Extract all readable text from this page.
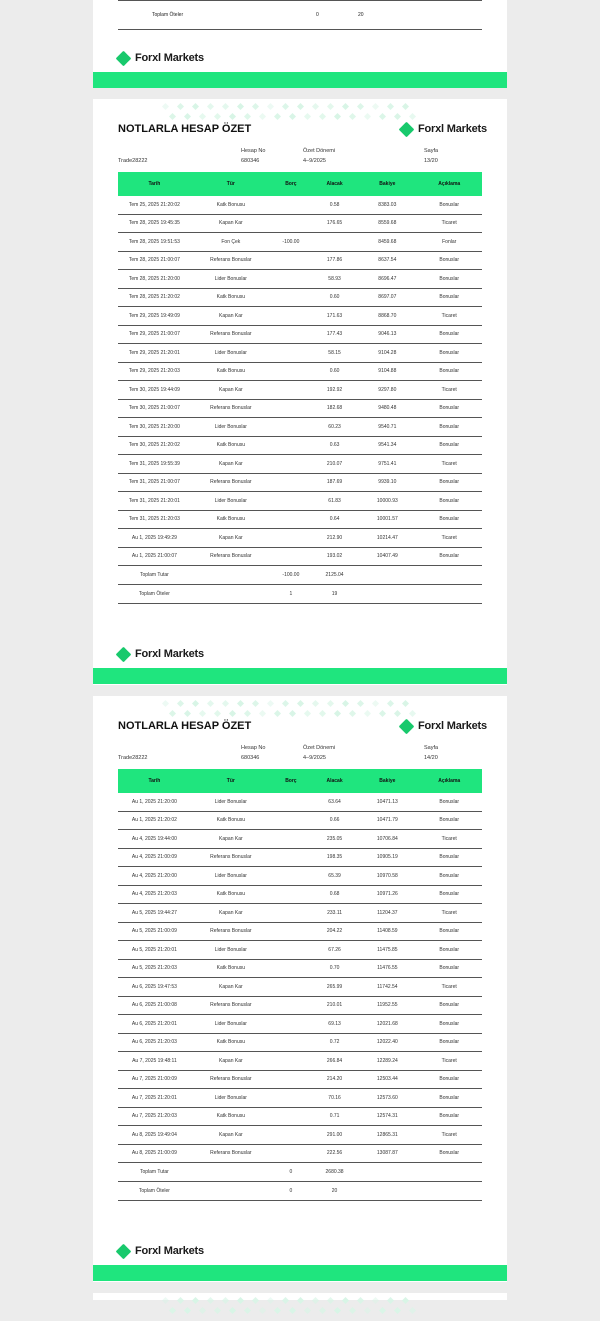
Toplam Öteler	0	20
Forxl Markets
NOTLARLA HESAP ÖZET	Forxl Markets
Hesap No
680346
Özet Dönemi
4–9/2025
Sayfa
13/20
Trade28222
Tarih	Tür	Borç	Alacak	Bakiye	Açıklama
Tem 25, 2025 21:20:02	Katk Bonusu		0.58	8383.03	Bonuslar
Tem 28, 2025 19:45:35	Kapan Kar		176.65	8559.68	Ticaret
Tem 28, 2025 19:51:53	Fon Çek	-100.00		8459.68	Fonlar
Tem 28, 2025 21:00:07	Referans Bonuslar		177.86	8637.54	Bonuslar
Tem 28, 2025 21:20:00	Lider Bonuslar		58.93	8696.47	Bonuslar
Tem 28, 2025 21:20:02	Katk Bonusu		0.60	8697.07	Bonuslar
Tem 29, 2025 19:49:09	Kapan Kar		171.63	8868.70	Ticaret
Tem 29, 2025 21:00:07	Referans Bonuslar		177.43	9046.13	Bonuslar
Tem 29, 2025 21:20:01	Lider Bonuslar		58.15	9104.28	Bonuslar
Tem 29, 2025 21:20:03	Katk Bonusu		0.60	9104.88	Bonuslar
Tem 30, 2025 19:44:09	Kapan Kar		192.92	9297.80	Ticaret
Tem 30, 2025 21:00:07	Referans Bonuslar		182.68	9480.48	Bonuslar
Tem 30, 2025 21:20:00	Lider Bonuslar		60.23	9540.71	Bonuslar
Tem 30, 2025 21:20:02	Katk Bonusu		0.63	9541.34	Bonuslar
Tem 31, 2025 19:55:39	Kapan Kar		210.07	9751.41	Ticaret
Tem 31, 2025 21:00:07	Referans Bonuslar		187.69	9939.10	Bonuslar
Tem 31, 2025 21:20:01	Lider Bonuslar		61.83	10000.93	Bonuslar
Tem 31, 2025 21:20:03	Katk Bonusu		0.64	10001.57	Bonuslar
Au 1, 2025 19:49:29	Kapan Kar		212.90	10214.47	Ticaret
Au 1, 2025 21:00:07	Referans Bonuslar		193.02	10407.49	Bonuslar
Toplam Tutar		-100.00	2125.04		
Toplam Öteler		1	19		
Forxl Markets
NOTLARLA HESAP ÖZET	Forxl Markets
Hesap No
680346
Özet Dönemi
4–9/2025
Sayfa
14/20
Trade28222
Tarih	Tür	Borç	Alacak	Bakiye	Açıklama
Au 1, 2025 21:20:00	Lider Bonuslar		63.64	10471.13	Bonuslar
Au 1, 2025 21:20:02	Katk Bonusu		0.66	10471.79	Bonuslar
Au 4, 2025 19:44:00	Kapan Kar		235.05	10706.84	Ticaret
Au 4, 2025 21:00:09	Referans Bonuslar		198.35	10905.19	Bonuslar
Au 4, 2025 21:20:00	Lider Bonuslar		65.39	10970.58	Bonuslar
Au 4, 2025 21:20:03	Katk Bonusu		0.68	10971.26	Bonuslar
Au 5, 2025 19:44:27	Kapan Kar		233.11	11204.37	Ticaret
Au 5, 2025 21:00:09	Referans Bonuslar		204.22	11408.59	Bonuslar
Au 5, 2025 21:20:01	Lider Bonuslar		67.26	11475.85	Bonuslar
Au 5, 2025 21:20:03	Katk Bonusu		0.70	11476.55	Bonuslar
Au 6, 2025 19:47:53	Kapan Kar		265.99	11742.54	Ticaret
Au 6, 2025 21:00:08	Referans Bonuslar		210.01	11952.55	Bonuslar
Au 6, 2025 21:20:01	Lider Bonuslar		69.13	12021.68	Bonuslar
Au 6, 2025 21:20:03	Katk Bonusu		0.72	12022.40	Bonuslar
Au 7, 2025 19:48:11	Kapan Kar		266.84	12289.24	Ticaret
Au 7, 2025 21:00:09	Referans Bonuslar		214.20	12503.44	Bonuslar
Au 7, 2025 21:20:01	Lider Bonuslar		70.16	12573.60	Bonuslar
Au 7, 2025 21:20:03	Katk Bonusu		0.71	12574.31	Bonuslar
Au 8, 2025 19:49:04	Kapan Kar		291.00	12865.31	Ticaret
Au 8, 2025 21:00:09	Referans Bonuslar		222.56	13087.87	Bonuslar
Toplam Tutar		0	2680.38		
Toplam Öteler		0	20		
Forxl Markets
